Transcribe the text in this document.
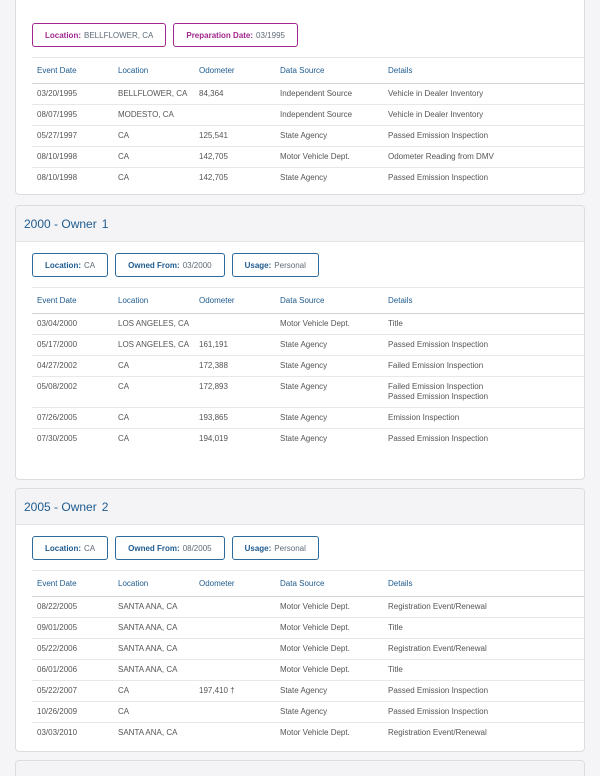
Location: BELLFLOWER, CA	Preparation Date: 03/1995
Event Date	Location	Odometer	Data Source	Details
03/20/1995	BELLFLOWER, CA	84,364	Independent Source	Vehicle in Dealer Inventory
08/07/1995	MODESTO, CA		Independent Source	Vehicle in Dealer Inventory
05/27/1997	CA	125,541	State Agency	Passed Emission Inspection
08/10/1998	CA	142,705	Motor Vehicle Dept.	Odometer Reading from DMV
08/10/1998	CA	142,705	State Agency	Passed Emission Inspection
2000 - Owner 1
Location: CA	Owned From: 03/2000	Usage: Personal
Event Date	Location	Odometer	Data Source	Details
03/04/2000	LOS ANGELES, CA		Motor Vehicle Dept.	Title
05/17/2000	LOS ANGELES, CA	161,191	State Agency	Passed Emission Inspection
04/27/2002	CA	172,388	State Agency	Failed Emission Inspection
05/08/2002	CA	172,893	State Agency	Failed Emission Inspection
Passed Emission Inspection

07/26/2005	CA	193,865	State Agency	Emission Inspection
07/30/2005	CA	194,019	State Agency	Passed Emission Inspection
2005 - Owner 2
Location: CA	Owned From: 08/2005	Usage: Personal
Event Date	Location	Odometer	Data Source	Details
08/22/2005	SANTA ANA, CA		Motor Vehicle Dept.	Registration Event/Renewal
09/01/2005	SANTA ANA, CA		Motor Vehicle Dept.	Title
05/22/2006	SANTA ANA, CA		Motor Vehicle Dept.	Registration Event/Renewal
06/01/2006	SANTA ANA, CA		Motor Vehicle Dept.	Title
05/22/2007	CA	197,410 †	State Agency	Passed Emission Inspection
10/26/2009	CA		State Agency	Passed Emission Inspection
03/03/2010	SANTA ANA, CA		Motor Vehicle Dept.	Registration Event/Renewal
